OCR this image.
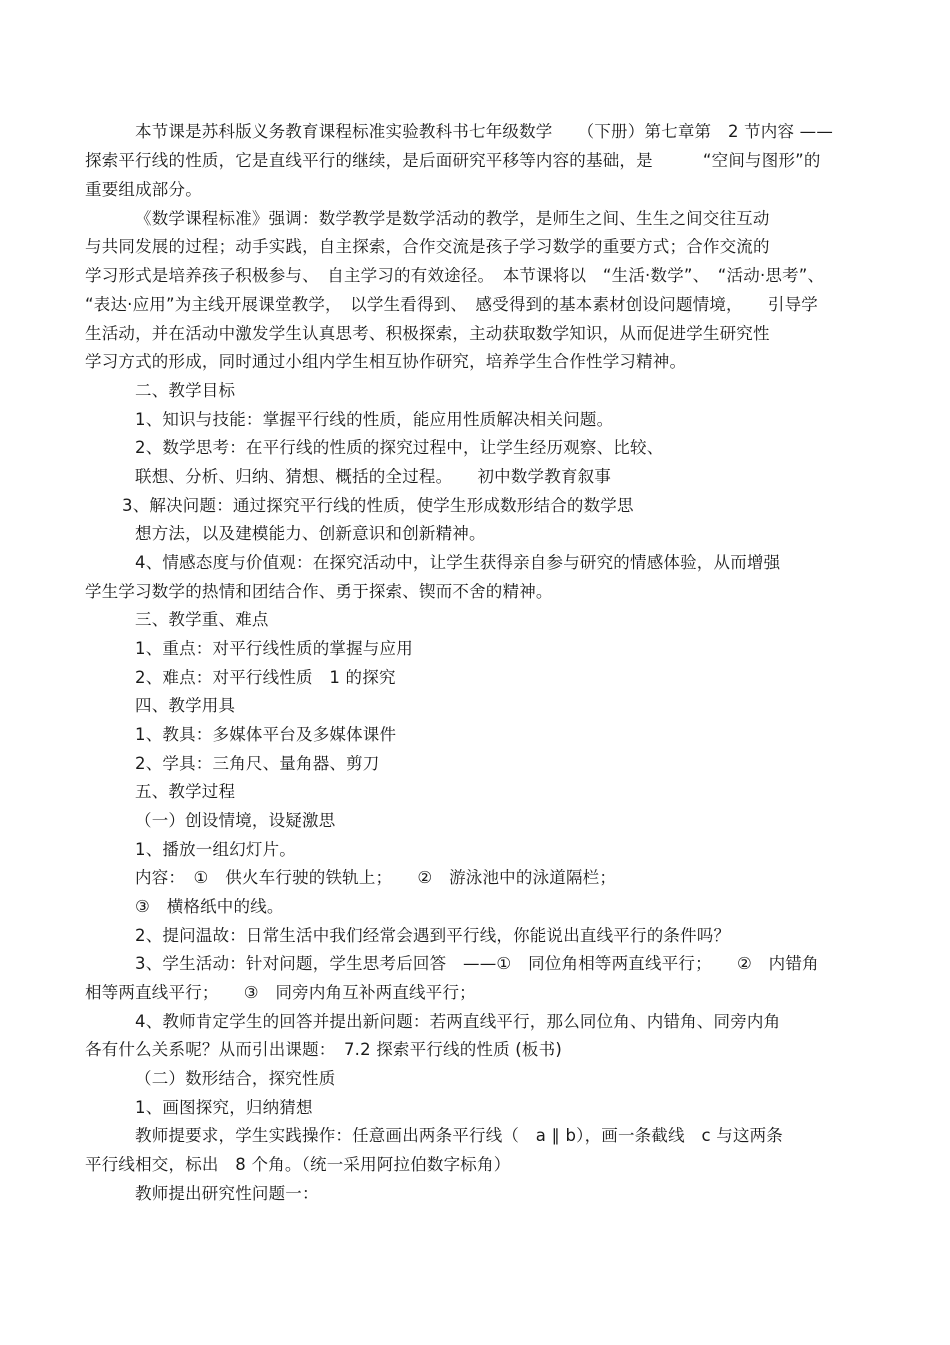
本节课是苏科版义务教育课程标准实验教科书七年级数学　　（下册）第七章第　2 节内容 ——
探索平行线的性质，它是直线平行的继续，是后面研究平移等内容的基础，是　　　“空间与图形”的
重要组成部分。
《数学课程标准》强调：数学教学是数学活动的教学，是师生之间、生生之间交往互动
与共同发展的过程；动手实践，自主探索，合作交流是孩子学习数学的重要方式；合作交流的
学习形式是培养孩子积极参与、　自主学习的有效途径。　本节课将以　“生活·数学”、　“活动·思考”、
“表达·应用”为主线开展课堂教学，　以学生看得到、　感受得到的基本素材创设问题情境，　　引导学
生活动，并在活动中激发学生认真思考、积极探索，主动获取数学知识，从而促进学生研究性
学习方式的形成，同时通过小组内学生相互协作研究，培养学生合作性学习精神。
二、教学目标
1、知识与技能：掌握平行线的性质，能应用性质解决相关问题。
2、数学思考：在平行线的性质的探究过程中，让学生经历观察、比较、
联想、分析、归纳、猜想、概括的全过程。　　初中数学教育叙事
3、解决问题：通过探究平行线的性质，使学生形成数形结合的数学思
想方法，以及建模能力、创新意识和创新精神。
4、情感态度与价值观：在探究活动中，让学生获得亲自参与研究的情感体验，从而增强
学生学习数学的热情和团结合作、勇于探索、锲而不舍的精神。
三、教学重、难点
1、重点：对平行线性质的掌握与应用
2、难点：对平行线性质　1 的探究
四、教学用具
1、教具：多媒体平台及多媒体课件
2、学具：三角尺、量角器、剪刀
五、教学过程
（一）创设情境，设疑激思
1、播放一组幻灯片。
内容：　①　供火车行驶的铁轨上；　　②　游泳池中的泳道隔栏；
③　横格纸中的线。
2、提问温故：日常生活中我们经常会遇到平行线，你能说出直线平行的条件吗？
3、学生活动：针对问题，学生思考后回答　——①　同位角相等两直线平行；　　②　内错角
相等两直线平行；　　③　同旁内角互补两直线平行；
4、教师肯定学生的回答并提出新问题：若两直线平行，那么同位角、内错角、同旁内角
各有什么关系呢？从而引出课题：　7.2 探索平行线的性质 (板书)
（二）数形结合，探究性质
1、画图探究，归纳猜想
教师提要求，学生实践操作：任意画出两条平行线（　a ∥ b），画一条截线　c 与这两条
平行线相交，标出　8 个角。（统一采用阿拉伯数字标角）
教师提出研究性问题一：
